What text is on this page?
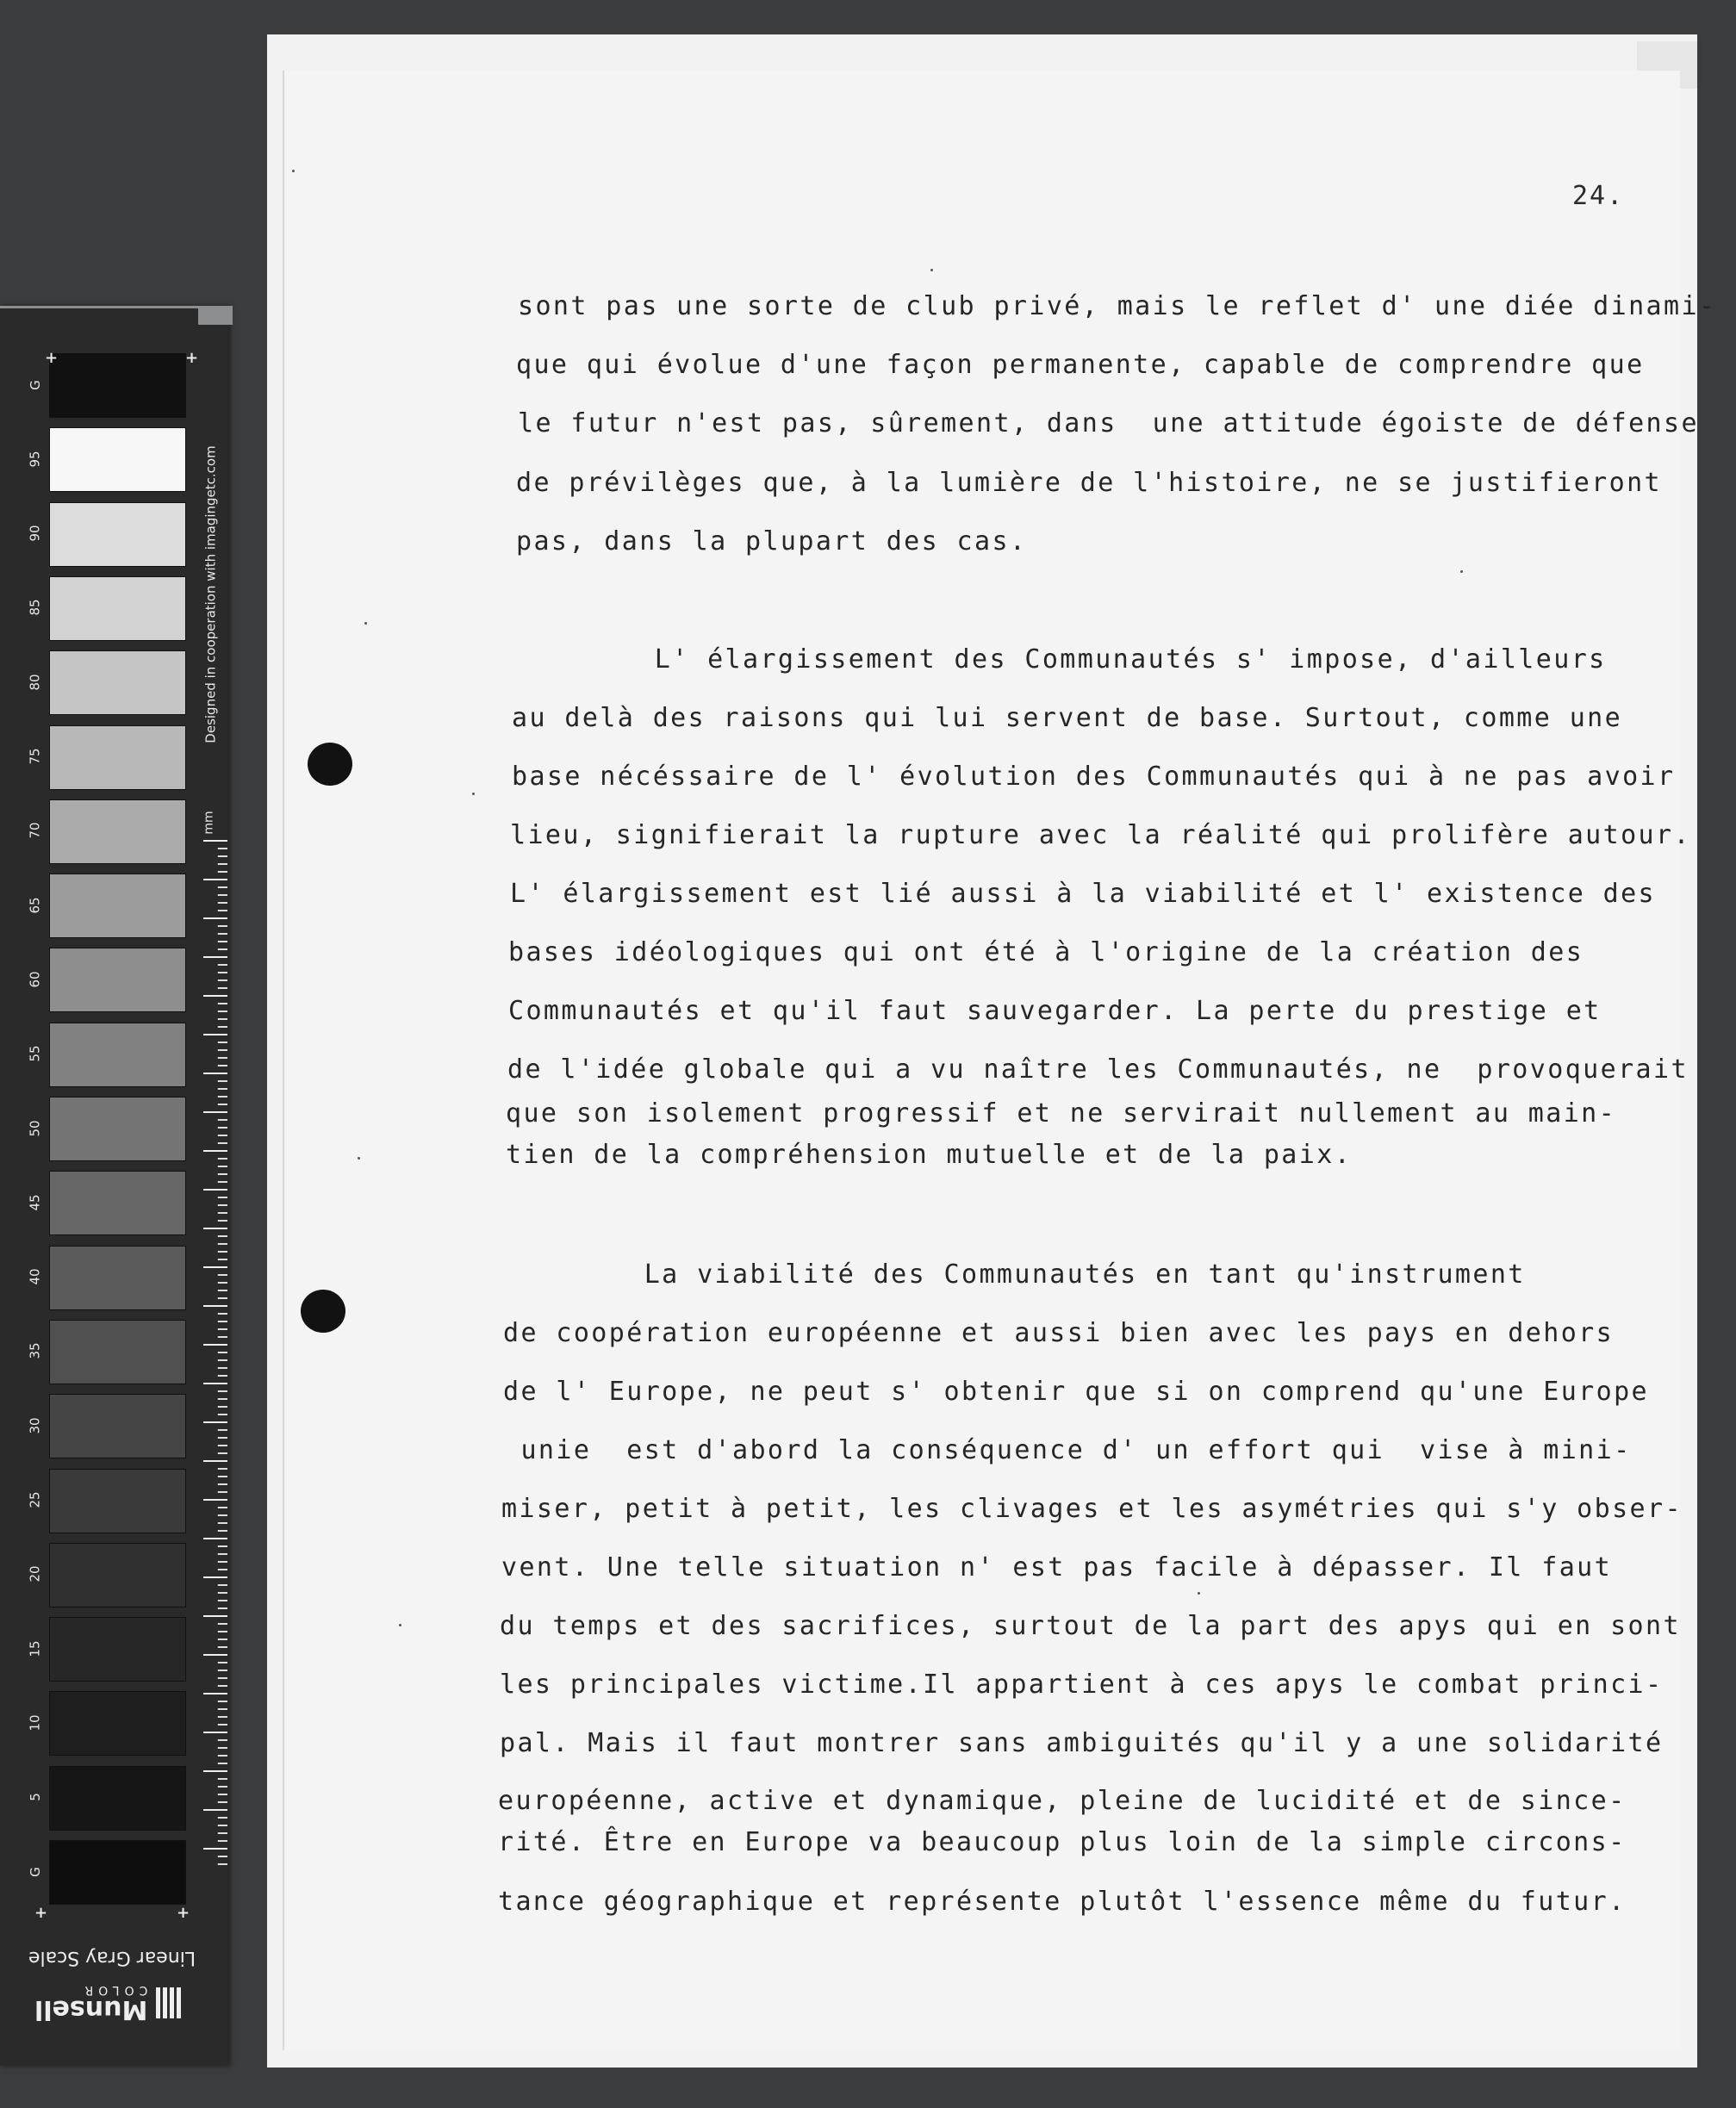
G
95
90
85
80
75
70
65
60
55
50
45
40
35
30
25
20
15
10
5
G
+	+
+	+
Designed in cooperation with imagingetc.com
mm
Linear Gray Scale
Munsell
COLOR
24.
sont pas une sorte de club privé, mais le reflet d' une diée dinami-
que qui évolue d'une façon permanente, capable de comprendre que
le futur n'est pas, sûrement, dans  une attitude égoiste de défense
de prévilèges que, à la lumière de l'histoire, ne se justifieront
pas, dans la plupart des cas.
L' élargissement des Communautés s' impose, d'ailleurs
au delà des raisons qui lui servent de base. Surtout, comme une
base nécéssaire de l' évolution des Communautés qui à ne pas avoir
lieu, signifierait la rupture avec la réalité qui prolifère autour.
L' élargissement est lié aussi à la viabilité et l' existence des
bases idéologiques qui ont été à l'origine de la création des
Communautés et qu'il faut sauvegarder. La perte du prestige et
de l'idée globale qui a vu naître les Communautés, ne  provoquerait
que son isolement progressif et ne servirait nullement au main-
tien de la compréhension mutuelle et de la paix.
La viabilité des Communautés en tant qu'instrument
de coopération européenne et aussi bien avec les pays en dehors
de l' Europe, ne peut s' obtenir que si on comprend qu'une Europe
unie  est d'abord la conséquence d' un effort qui  vise à mini-
miser, petit à petit, les clivages et les asymétries qui s'y obser-
vent. Une telle situation n' est pas facile à dépasser. Il faut
du temps et des sacrifices, surtout de la part des apys qui en sont
les principales victime.Il appartient à ces apys le combat princi-
pal. Mais il faut montrer sans ambiguités qu'il y a une solidarité
européenne, active et dynamique, pleine de lucidité et de since-
rité. Être en Europe va beaucoup plus loin de la simple circons-
tance géographique et représente plutôt l'essence même du futur.
